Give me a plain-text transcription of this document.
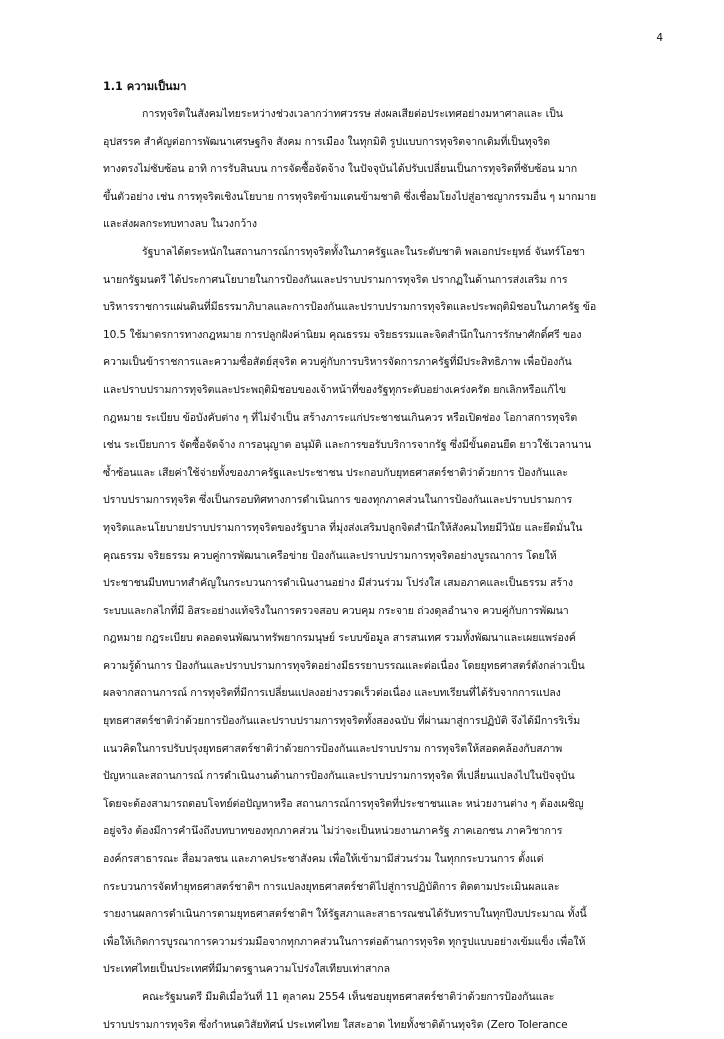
4
1.1 ความเป็นมา
การทุจริตในสังคมไทยระหว่างช่วงเวลากว่าทศวรรษ ส่งผลเสียต่อประเทศอย่างมหาศาลและ เป็น
อุปสรรค สำคัญต่อการพัฒนาเศรษฐกิจ สังคม การเมือง ในทุกมิติ รูปแบบการทุจริตจากเดิมที่เป็นทุจริต
ทางตรงไม่ซับซ้อน อาทิ การรับสินบน การจัดซื้อจัดจ้าง ในปัจจุบันได้ปรับเปลี่ยนเป็นการทุจริตที่ซับซ้อน มาก
ขึ้นตัวอย่าง เช่น การทุจริตเชิงนโยบาย การทุจริตข้ามแดนข้ามชาติ ซึ่งเชื่อมโยงไปสู่อาชญากรรมอื่น ๆ มากมาย
และส่งผลกระทบทางลบ ในวงกว้าง
รัฐบาลได้ตระหนักในสถานการณ์การทุจริตทั้งในภาครัฐและในระดับชาติ พลเอกประยุทธ์ จันทร์โอชา
นายกรัฐมนตรี ได้ประกาศนโยบายในการป้องกันและปราบปรามการทุจริต ปรากฏในด้านการส่งเสริม การ
บริหารราชการแผ่นดินที่มีธรรมาภิบาลและการป้องกันและปราบปรามการทุจริตและประพฤติมิชอบในภาครัฐ ข้อ
10.5 ใช้มาตรการทางกฎหมาย การปลูกฝังค่านิยม คุณธรรม จริยธรรมและจิตสำนึกในการรักษาศักดิ์ศรี ของ
ความเป็นข้าราชการและความซื่อสัตย์สุจริต ควบคู่กับการบริหารจัดการภาครัฐที่มีประสิทธิภาพ เพื่อป้องกัน
และปราบปรามการทุจริตและประพฤติมิชอบของเจ้าหน้าที่ของรัฐทุกระดับอย่างเคร่งครัด ยกเลิกหรือแก้ไข
กฎหมาย ระเบียบ ข้อบังคับต่าง ๆ ที่ไม่จำเป็น สร้างภาระแก่ประชาชนเกินควร หรือเปิดช่อง โอกาสการทุจริต
เช่น ระเบียบการ จัดซื้อจัดจ้าง การอนุญาต อนุมัติ และการขอรับบริการจากรัฐ ซึ่งมีขั้นตอนยืด ยาวใช้เวลานาน
ซ้ำซ้อนและ เสียค่าใช้จ่ายทั้งของภาครัฐและประชาชน ประกอบกับยุทธศาสตร์ชาติว่าด้วยการ ป้องกันและ
ปราบปรามการทุจริต ซึ่งเป็นกรอบทิศทางการดำเนินการ ของทุกภาคส่วนในการป้องกันและปราบปรามการ
ทุจริตและนโยบายปราบปรามการทุจริตของรัฐบาล ที่มุ่งส่งเสริมปลูกจิตสำนึกให้สังคมไทยมีวินัย และยึดมั่นใน
คุณธรรม จริยธรรม ควบคู่การพัฒนาเครือข่าย ป้องกันและปราบปรามการทุจริตอย่างบูรณาการ โดยให้
ประชาชนมีบทบาทสำคัญในกระบวนการดำเนินงานอย่าง มีส่วนร่วม โปร่งใส เสมอภาคและเป็นธรรม สร้าง
ระบบและกลไกที่มี อิสระอย่างแท้จริงในการตรวจสอบ ควบคุม กระจาย ถ่วงดุลอำนาจ ควบคู่กับการพัฒนา
กฎหมาย กฎระเบียบ ตลอดจนพัฒนาทรัพยากรมนุษย์ ระบบข้อมูล สารสนเทศ รวมทั้งพัฒนาและเผยแพร่องค์
ความรู้ด้านการ ป้องกันและปราบปรามการทุจริตอย่างมีธรรยาบรรณและต่อเนื่อง โดยยุทธศาสตร์ดังกล่าวเป็น
ผลจากสถานการณ์ การทุจริตที่มีการเปลี่ยนแปลงอย่างรวดเร็วต่อเนื่อง และบทเรียนที่ได้รับจากการแปลง
ยุทธศาสตร์ชาติว่าด้วยการป้องกันและปราบปรามการทุจริตทั้งสองฉบับ ที่ผ่านมาสู่การปฏิบัติ จึงได้มีการริเริ่ม
แนวคิดในการปรับปรุงยุทธศาสตร์ชาติว่าด้วยการป้องกันและปราบปราม การทุจริตให้สอดคล้องกับสภาพ
ปัญหาและสถานการณ์ การดำเนินงานด้านการป้องกันและปราบปรามการทุจริต ที่เปลี่ยนแปลงไปในปัจจุบัน
โดยจะต้องสามารถตอบโจทย์ต่อปัญหาหรือ สถานการณ์การทุจริตที่ประชาชนและ หน่วยงานต่าง ๆ ต้องเผชิญ
อยู่จริง ต้องมีการคำนึงถึงบทบาทของทุกภาคส่วน ไม่ว่าจะเป็นหน่วยงานภาครัฐ ภาคเอกชน ภาควิชาการ
องค์กรสาธารณะ สื่อมวลชน และภาคประชาสังคม เพื่อให้เข้ามามีส่วนร่วม ในทุกกระบวนการ ตั้งแต่
กระบวนการจัดทำยุทธศาสตร์ชาติฯ การแปลงยุทธศาสตร์ชาติไปสู่การปฏิบัติการ ติดตามประเมินผลและ
รายงานผลการดำเนินการตามยุทธศาสตร์ชาติฯ ให้รัฐสภาและสาธารณชนได้รับทราบในทุกปีงบประมาณ ทั้งนี้
เพื่อให้เกิดการบูรณาการความร่วมมือจากทุกภาคส่วนในการต่อต้านการทุจริต ทุกรูปแบบอย่างเข้มแข็ง เพื่อให้
ประเทศไทยเป็นประเทศที่มีมาตรฐานความโปร่งใสเทียบเท่าสากล
คณะรัฐมนตรี มีมติเมื่อวันที่ 11 ตุลาคม 2554 เห็นชอบยุทธศาสตร์ชาติว่าด้วยการป้องกันและ
ปราบปรามการทุจริต ซึ่งกำหนดวิสัยทัศน์ ประเทศไทย ใสสะอาด ไทยทั้งชาติต้านทุจริต (Zero Tolerance
